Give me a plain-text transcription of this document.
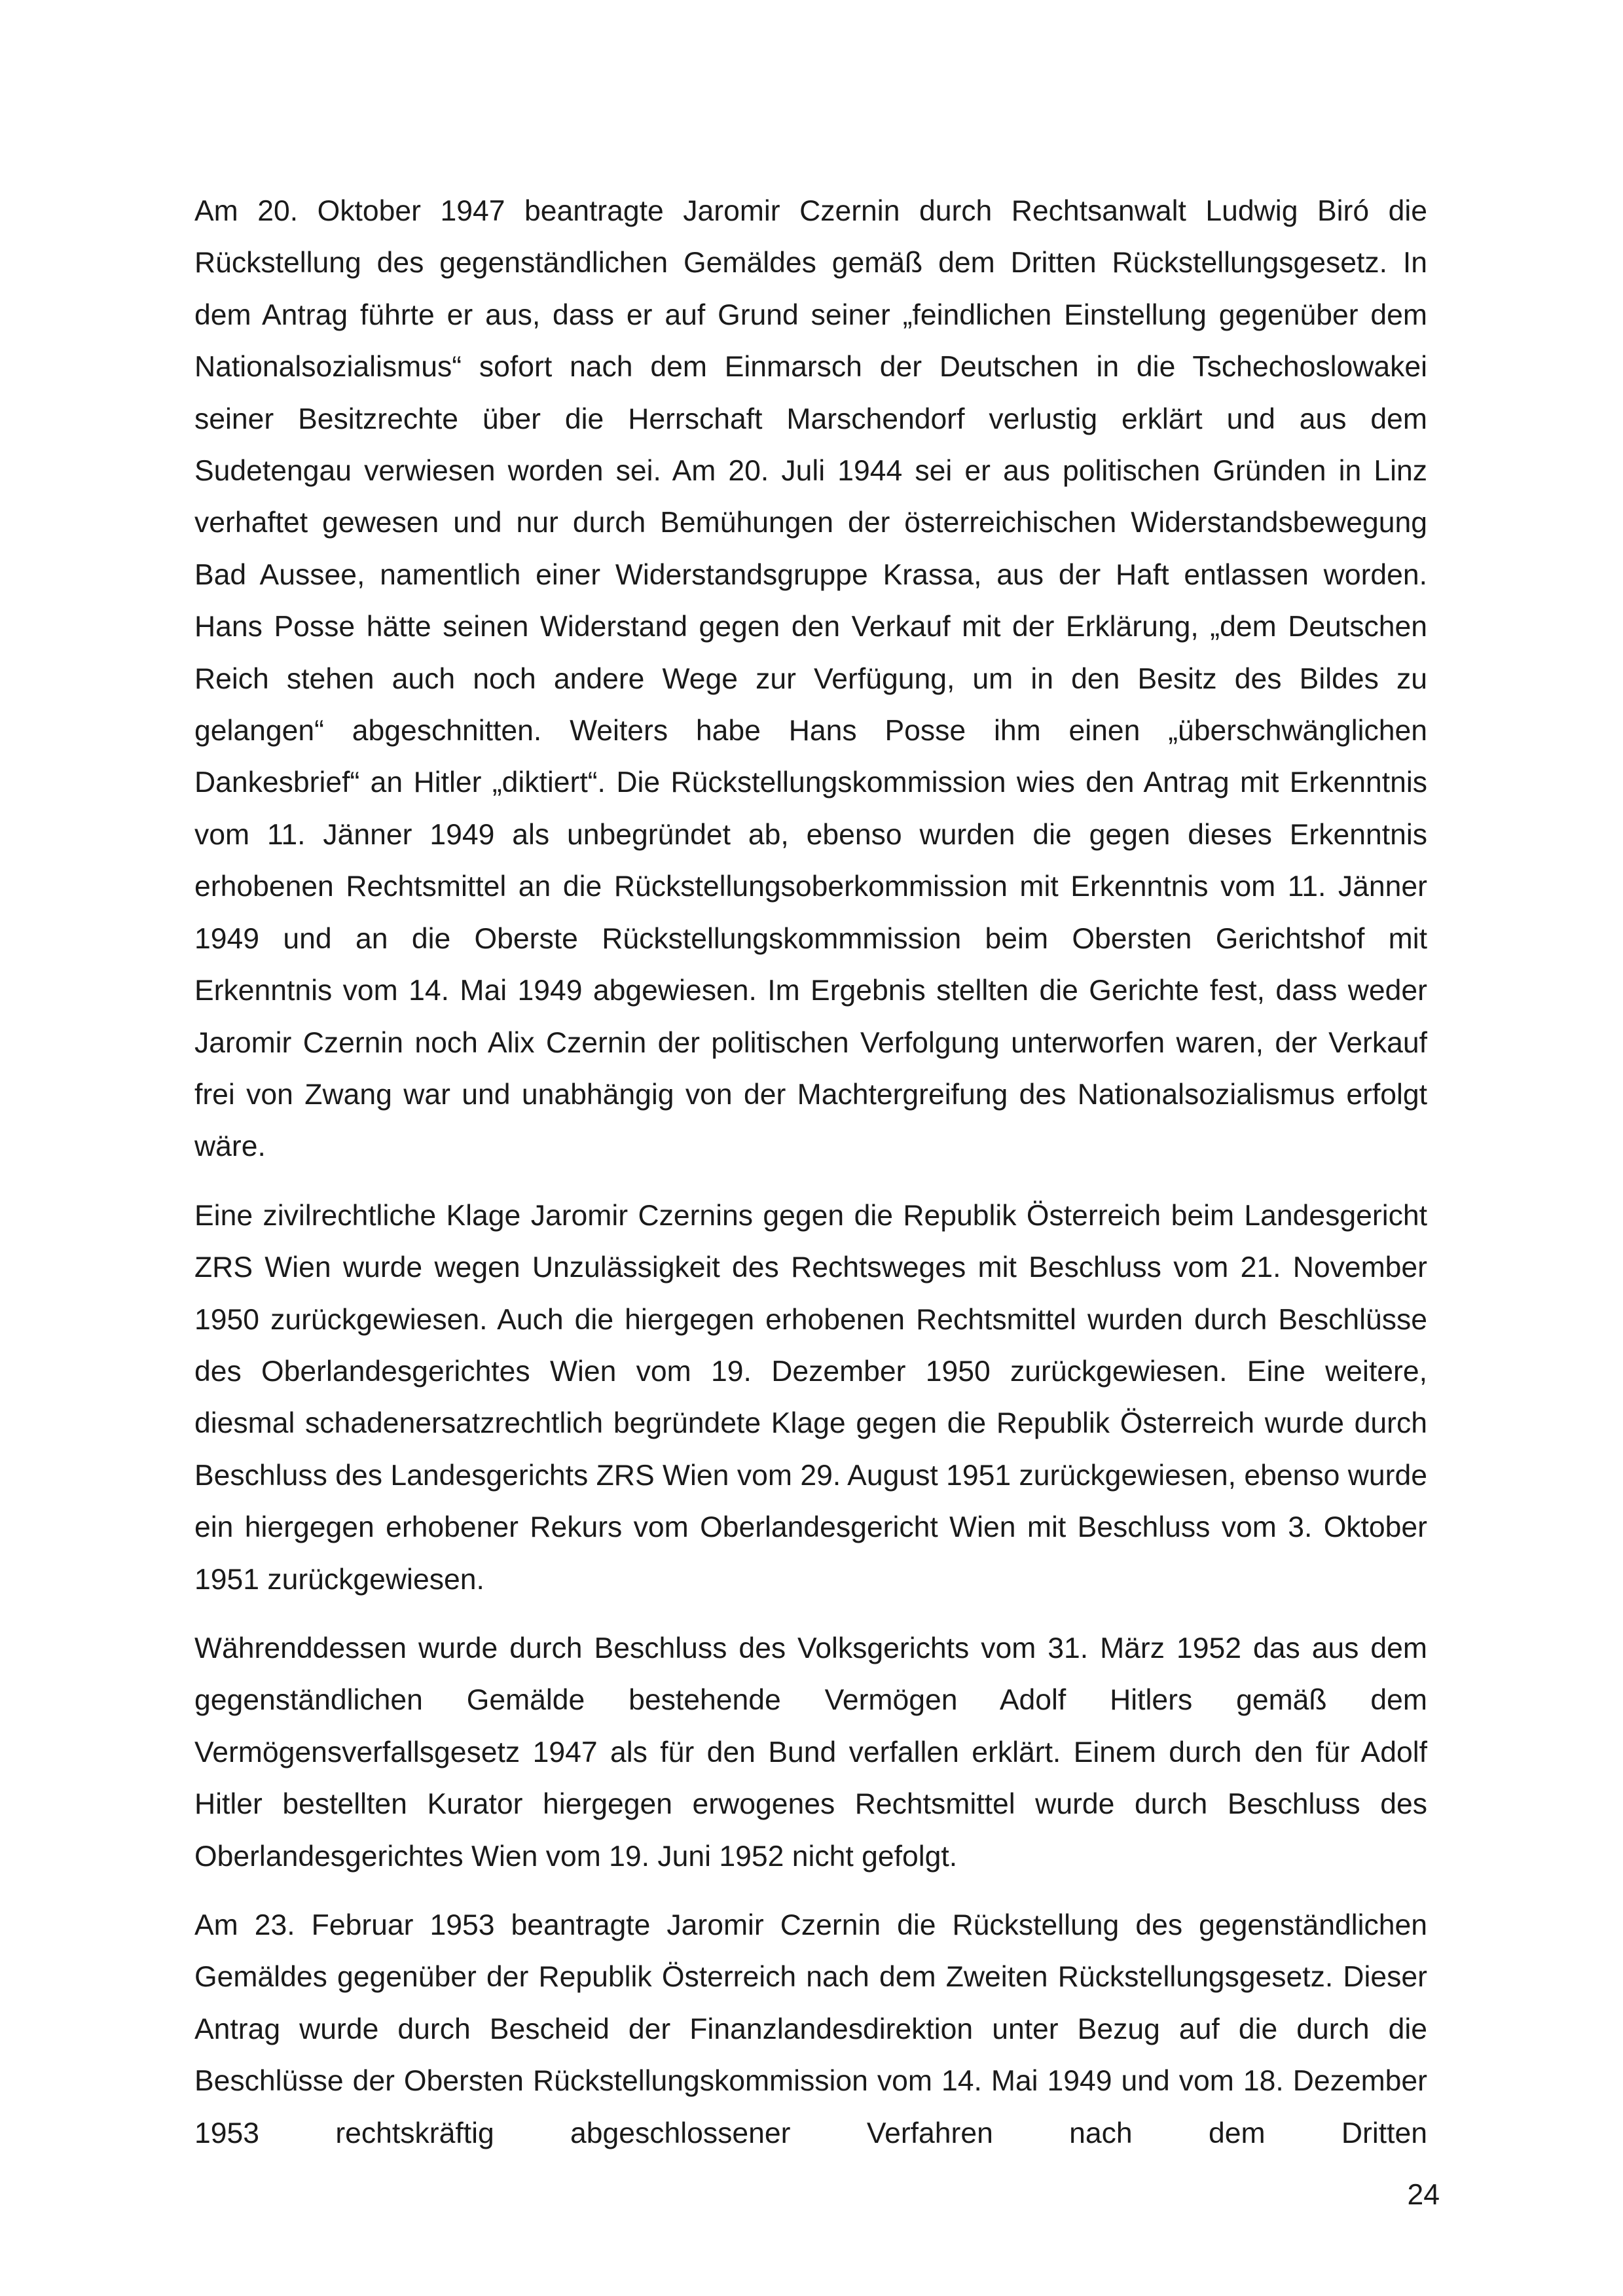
Am 20. Oktober 1947 beantragte Jaromir Czernin durch Rechtsanwalt Ludwig Biró die Rückstellung des gegenständlichen Gemäldes gemäß dem Dritten Rückstellungsgesetz. In dem Antrag führte er aus, dass er auf Grund seiner „feindlichen Einstellung gegenüber dem Nationalsozialismus“ sofort nach dem Einmarsch der Deutschen in die Tschechoslowakei seiner Besitzrechte über die Herrschaft Marschendorf verlustig erklärt und aus dem Sudetengau verwiesen worden sei. Am 20. Juli 1944 sei er aus politischen Gründen in Linz verhaftet gewesen und nur durch Bemühungen der österreichischen Widerstandsbewegung Bad Aussee, namentlich einer Widerstandsgruppe Krassa, aus der Haft entlassen worden. Hans Posse hätte seinen Widerstand gegen den Verkauf mit der Erklärung, „dem Deutschen Reich stehen auch noch andere Wege zur Verfügung, um in den Besitz des Bildes zu gelangen“ abgeschnitten. Weiters habe Hans Posse ihm einen „überschwänglichen Dankesbrief“ an Hitler „diktiert“. Die Rückstellungskommission wies den Antrag mit Erkenntnis vom 11. Jänner 1949 als unbegründet ab, ebenso wurden die gegen dieses Erkenntnis erhobenen Rechtsmittel an die Rückstellungsoberkommission mit Erkenntnis vom 11. Jänner 1949 und an die Oberste Rückstellungskommmission beim Obersten Gerichtshof mit Erkenntnis vom 14. Mai 1949 abgewiesen. Im Ergebnis stellten die Gerichte fest, dass weder Jaromir Czernin noch Alix Czernin der politischen Verfolgung unterworfen waren, der Verkauf frei von Zwang war und unabhängig von der Machtergreifung des Nationalsozialismus erfolgt wäre.

Eine zivilrechtliche Klage Jaromir Czernins gegen die Republik Österreich beim Landesgericht ZRS Wien wurde wegen Unzulässigkeit des Rechtsweges mit Beschluss vom 21. November 1950 zurückgewiesen. Auch die hiergegen erhobenen Rechtsmittel wurden durch Beschlüsse des Oberlandesgerichtes Wien vom 19. Dezember 1950 zurückgewiesen. Eine weitere, diesmal schadenersatzrechtlich begründete Klage gegen die Republik Österreich wurde durch Beschluss des Landesgerichts ZRS Wien vom 29. August 1951 zurückgewiesen, ebenso wurde ein hiergegen erhobener Rekurs vom Oberlandesgericht Wien mit Beschluss vom 3. Oktober 1951 zurückgewiesen.

Währenddessen wurde durch Beschluss des Volksgerichts vom 31. März 1952 das aus dem gegenständlichen Gemälde bestehende Vermögen Adolf Hitlers gemäß dem Vermögensverfallsgesetz 1947 als für den Bund verfallen erklärt. Einem durch den für Adolf Hitler bestellten Kurator hiergegen erwogenes Rechtsmittel wurde durch Beschluss des Oberlandesgerichtes Wien vom 19. Juni 1952 nicht gefolgt.

Am 23. Februar 1953 beantragte Jaromir Czernin die Rückstellung des gegenständlichen Gemäldes gegenüber der Republik Österreich nach dem Zweiten Rückstellungsgesetz. Dieser Antrag wurde durch Bescheid der Finanzlandesdirektion unter Bezug auf die durch die Beschlüsse der Obersten Rückstellungskommission vom 14. Mai 1949 und vom 18. Dezember 1953 rechtskräftig abgeschlossener Verfahren nach dem Dritten

24
